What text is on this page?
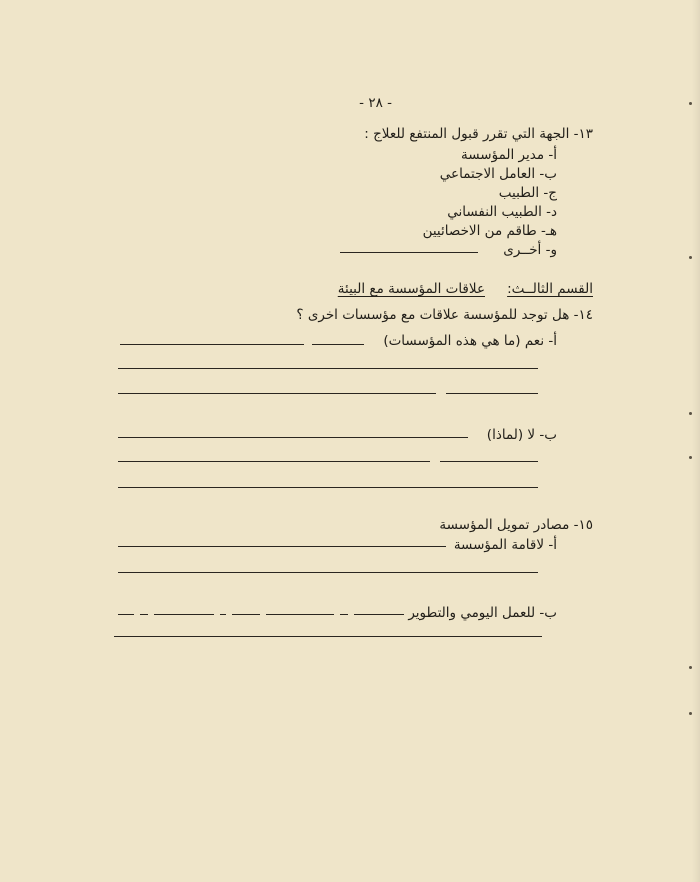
- ٢٨ -
١٣- الجهة التي تقرر قبول المنتفع للعلاج :
أ- مدير المؤسسة
ب- العامل الاجتماعي
ج- الطبيب
د- الطبيب النفساني
هـ- طاقم من الاخصائيين
و- أخــرى
القسم الثالــث:
علاقات المؤسسة مع البيئة
١٤- هل توجد للمؤسسة علاقات مع مؤسسات اخرى ؟
أ- نعم (ما هي هذه المؤسسات)
ب- لا (لماذا)
١٥- مصادر تمويل المؤسسة
أ- لاقامة المؤسسة
ب- للعمل اليومي والتطوير
